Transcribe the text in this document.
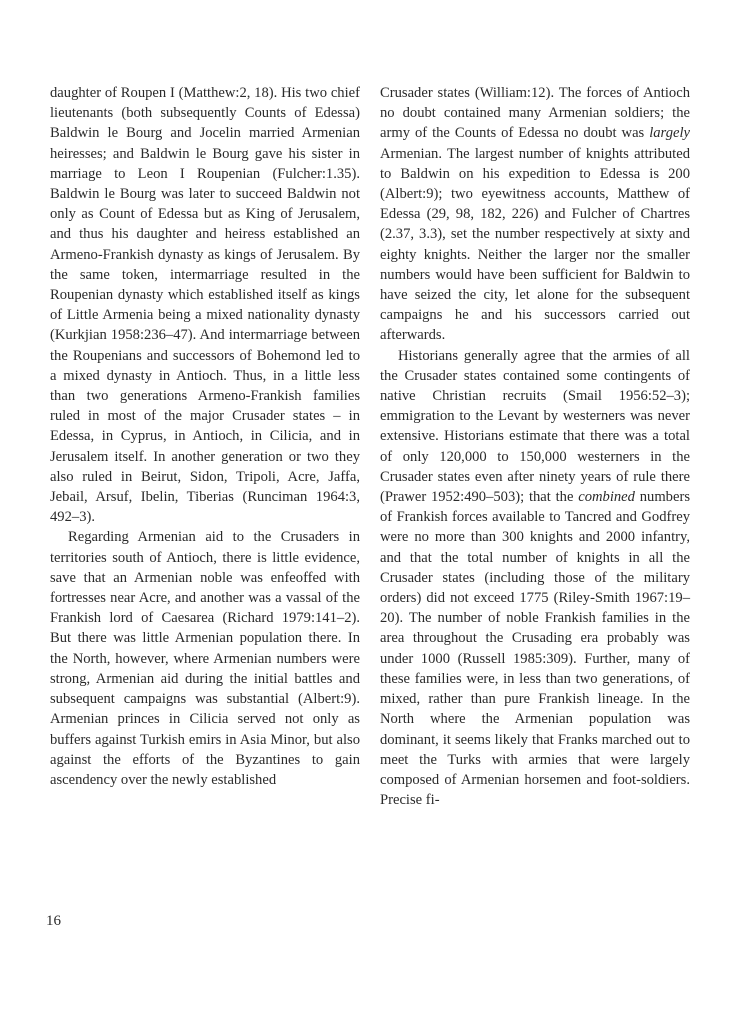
daughter of Roupen I (Matthew:2, 18). His two chief lieutenants (both subsequently Counts of Edessa) Baldwin le Bourg and Jocelin married Armenian heiresses; and Baldwin le Bourg gave his sister in marriage to Leon I Roupenian (Fulcher:1.35). Baldwin le Bourg was later to succeed Baldwin not only as Count of Edessa but as King of Jerusalem, and thus his daughter and heiress established an Armeno-Frankish dynasty as kings of Jerusalem. By the same token, intermarriage resulted in the Roupenian dynasty which established itself as kings of Little Armenia being a mixed nationality dynasty (Kurkjian 1958:236–47). And intermarriage between the Roupenians and successors of Bohemond led to a mixed dynasty in Antioch. Thus, in a little less than two generations Armeno-Frankish families ruled in most of the major Crusader states – in Edessa, in Cyprus, in Antioch, in Cilicia, and in Jerusalem itself. In another generation or two they also ruled in Beirut, Sidon, Tripoli, Acre, Jaffa, Jebail, Arsuf, Ibelin, Tiberias (Runciman 1964:3, 492–3).

Regarding Armenian aid to the Crusaders in territories south of Antioch, there is little evidence, save that an Armenian noble was enfeoffed with fortresses near Acre, and another was a vassal of the Frankish lord of Caesarea (Richard 1979:141–2). But there was little Armenian population there. In the North, however, where Armenian numbers were strong, Armenian aid during the initial battles and subsequent campaigns was substantial (Albert:9). Armenian princes in Cilicia served not only as buffers against Turkish emirs in Asia Minor, but also against the efforts of the Byzantines to gain ascendency over the newly established

Crusader states (William:12). The forces of Antioch no doubt contained many Armenian soldiers; the army of the Counts of Edessa no doubt was largely Armenian. The largest number of knights attributed to Baldwin on his expedition to Edessa is 200 (Albert:9); two eyewitness accounts, Matthew of Edessa (29, 98, 182, 226) and Fulcher of Chartres (2.37, 3.3), set the number respectively at sixty and eighty knights. Neither the larger nor the smaller numbers would have been sufficient for Baldwin to have seized the city, let alone for the subsequent campaigns he and his successors carried out afterwards.

Historians generally agree that the armies of all the Crusader states contained some contingents of native Christian recruits (Smail 1956:52–3); emmigration to the Levant by westerners was never extensive. Historians estimate that there was a total of only 120,000 to 150,000 westerners in the Crusader states even after ninety years of rule there (Prawer 1952:490–503); that the combined numbers of Frankish forces available to Tancred and Godfrey were no more than 300 knights and 2000 infantry, and that the total number of knights in all the Crusader states (including those of the military orders) did not exceed 1775 (Riley-Smith 1967:19–20). The number of noble Frankish families in the area throughout the Crusading era probably was under 1000 (Russell 1985:309). Further, many of these families were, in less than two generations, of mixed, rather than pure Frankish lineage. In the North where the Armenian population was dominant, it seems likely that Franks marched out to meet the Turks with armies that were largely composed of Armenian horsemen and foot-soldiers. Precise fi-

16
